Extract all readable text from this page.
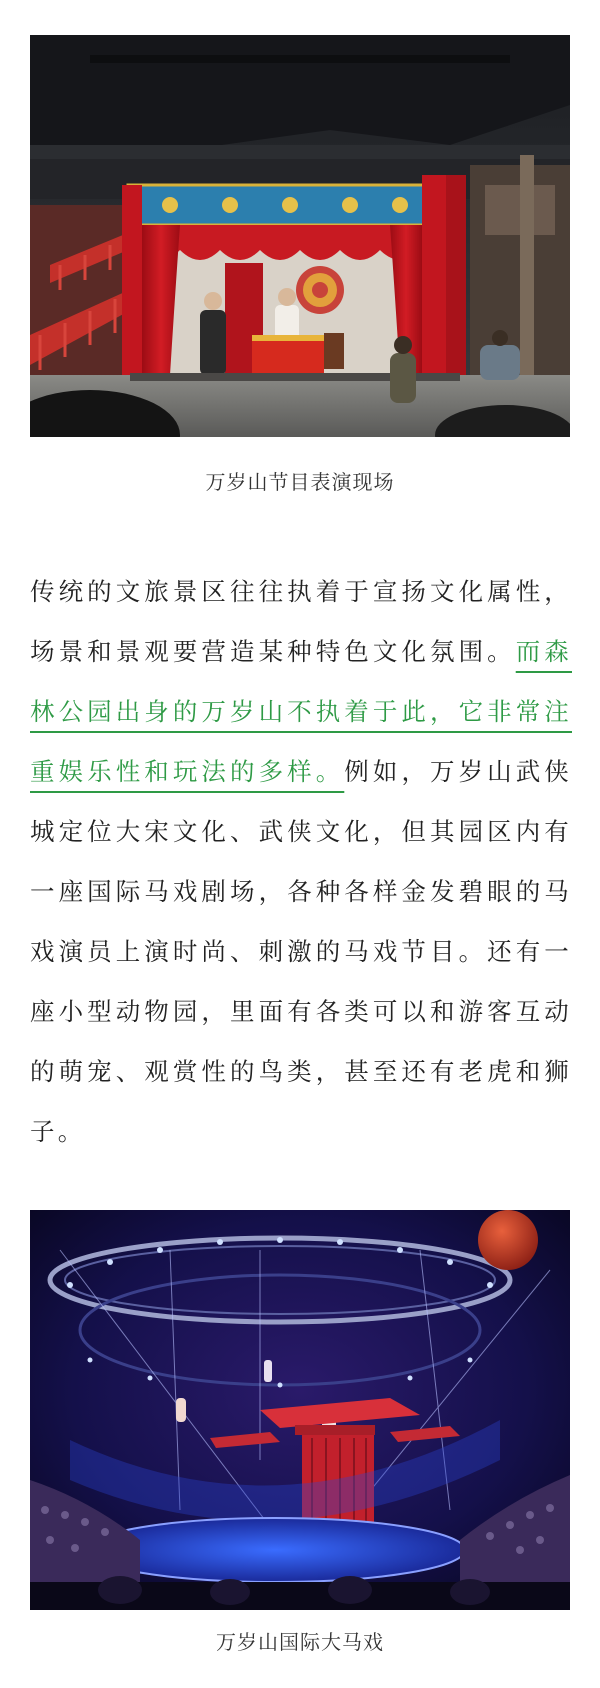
万岁山节目表演现场

传统的文旅景区往往执着于宣扬文化属性，场景和景观要营造某种特色文化氛围。而森林公园出身的万岁山不执着于此，它非常注重娱乐性和玩法的多样。例如，万岁山武侠城定位大宋文化、武侠文化，但其园区内有一座国际马戏剧场，各种各样金发碧眼的马戏演员上演时尚、刺激的马戏节目。还有一座小型动物园，里面有各类可以和游客互动的萌宠、观赏性的鸟类，甚至还有老虎和狮子。

万岁山国际大马戏
